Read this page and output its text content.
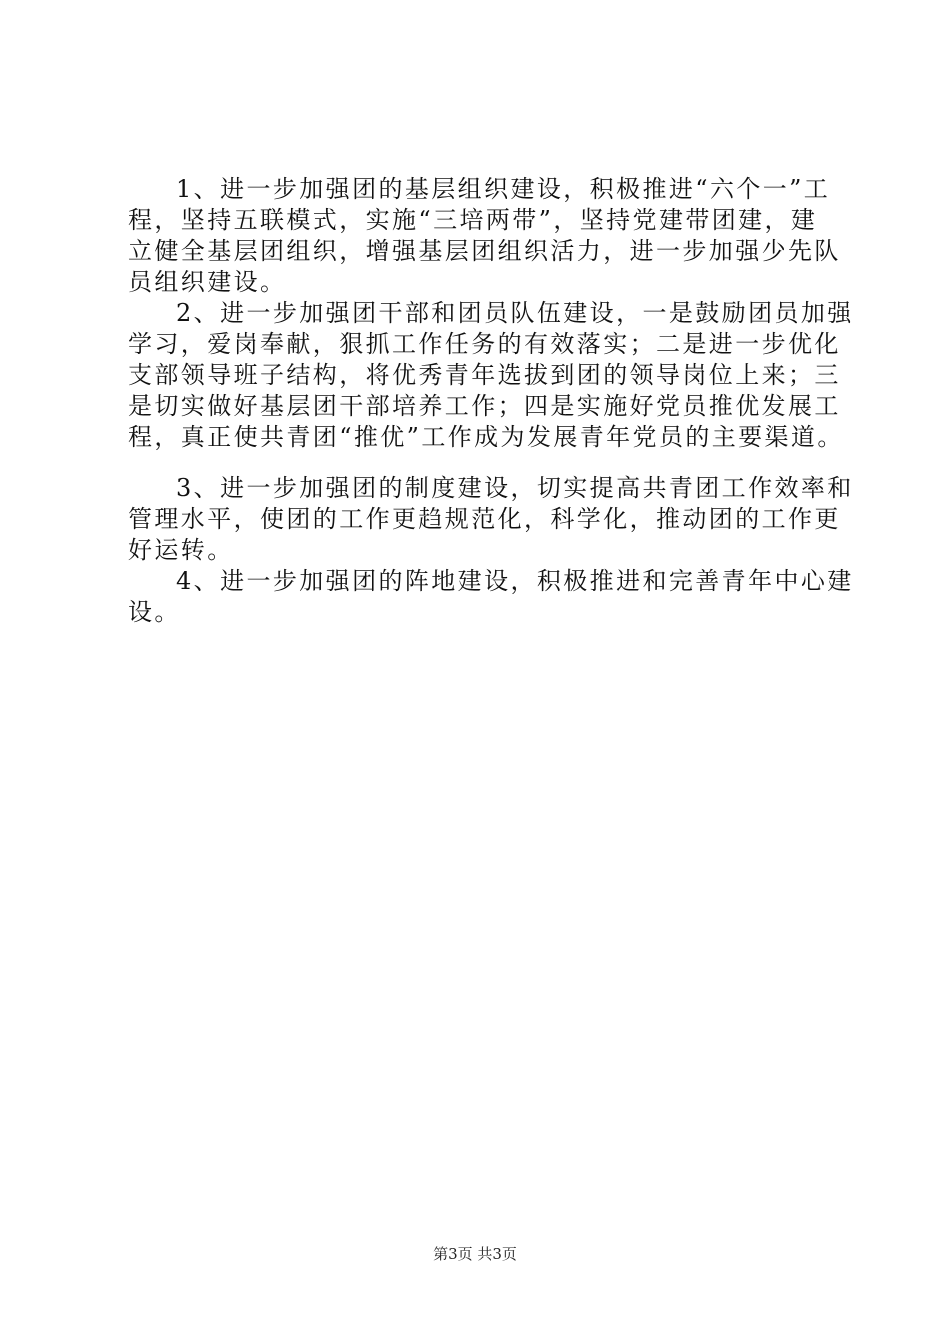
1、进一步加强团的基层组织建设，积极推进“六个一”工
程，坚持五联模式，实施“三培两带”，坚持党建带团建，建
立健全基层团组织，增强基层团组织活力，进一步加强少先队
员组织建设。
2、进一步加强团干部和团员队伍建设，一是鼓励团员加强
学习，爱岗奉献，狠抓工作任务的有效落实；二是进一步优化
支部领导班子结构，将优秀青年选拔到团的领导岗位上来；三
是切实做好基层团干部培养工作；四是实施好党员推优发展工
程，真正使共青团“推优”工作成为发展青年党员的主要渠道。
3、进一步加强团的制度建设，切实提高共青团工作效率和
管理水平，使团的工作更趋规范化，科学化，推动团的工作更
好运转。
4、进一步加强团的阵地建设，积极推进和完善青年中心建
设。
第3页 共3页
